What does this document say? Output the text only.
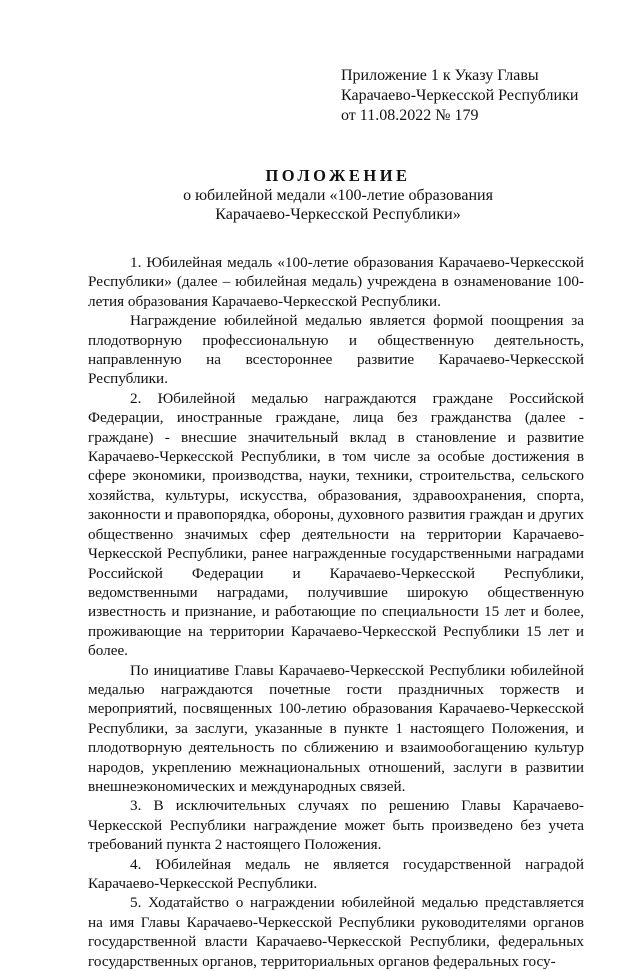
Приложение 1 к Указу Главы
Карачаево-Черкесской Республики
от 11.08.2022 № 179
ПОЛОЖЕНИЕ
о юбилейной медали «100-летие образования
Карачаево-Черкесской Республики»

1. Юбилейная медаль «100-летие образования Карачаево-Черкесской Республики» (далее – юбилейная медаль) учреждена в ознаменование 100-летия образования Карачаево-Черкесской Республики.

Награждение юбилейной медалью является формой поощрения за плодотворную профессиональную и общественную деятельность, направленную на всестороннее развитие Карачаево-Черкесской Республики.

2. Юбилейной медалью награждаются граждане Российской Федерации, иностранные граждане, лица без гражданства (далее - граждане) - внесшие значительный вклад в становление и развитие Карачаево-Черкесской Республики, в том числе за особые достижения в сфере экономики, производства, науки, техники, строительства, сельского хозяйства, культуры, искусства, образования, здравоохранения, спорта, законности и правопорядка, обороны, духовного развития граждан и других общественно значимых сфер деятельности на территории Карачаево-Черкесской Республики, ранее награжденные государственными наградами Российской Федерации и Карачаево-Черкесской Республики, ведомственными наградами, получившие широкую общественную известность и признание, и работающие по специальности 15 лет и более, проживающие на территории Карачаево-Черкесской Республики 15 лет и более.

По инициативе Главы Карачаево-Черкесской Республики юбилейной медалью награждаются почетные гости праздничных торжеств и мероприятий, посвященных 100-летию образования Карачаево-Черкесской Республики, за заслуги, указанные в пункте 1 настоящего Положения, и плодотворную деятельность по сближению и взаимообогащению культур народов, укреплению межнациональных отношений, заслуги в развитии внешнеэкономических и международных связей.

3. В исключительных случаях по решению Главы Карачаево-Черкесской Республики награждение может быть произведено без учета требований пункта 2 настоящего Положения.

4. Юбилейная медаль не является государственной наградой Карачаево-Черкесской Республики.

5. Ходатайство о награждении юбилейной медалью представляется на имя Главы Карачаево-Черкесской Республики руководителями органов государственной власти Карачаево-Черкесской Республики, федеральных государственных органов, территориальных органов федеральных госу-
